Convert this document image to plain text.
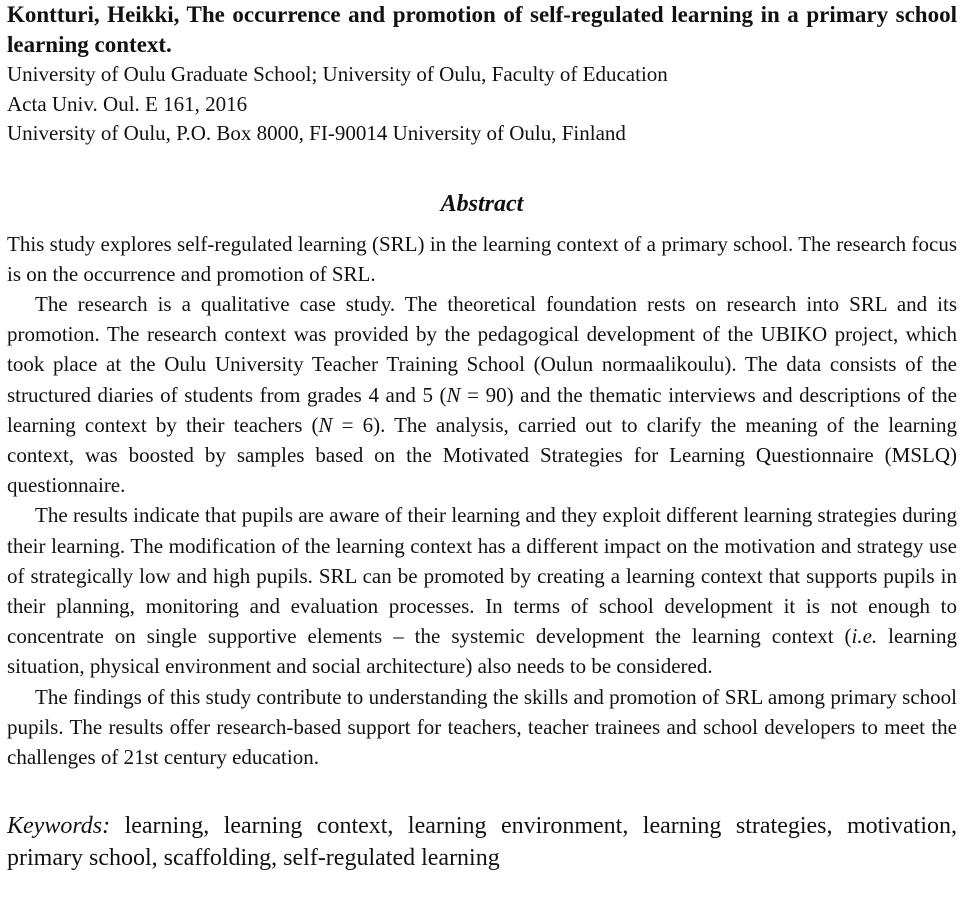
Kontturi, Heikki, The occurrence and promotion of self-regulated learning in a primary school learning context.

University of Oulu Graduate School; University of Oulu, Faculty of Education

Acta Univ. Oul. E 161, 2016

University of Oulu, P.O. Box 8000, FI-90014 University of Oulu, Finland

Abstract

This study explores self-regulated learning (SRL) in the learning context of a primary school. The research focus is on the occurrence and promotion of SRL.

The research is a qualitative case study. The theoretical foundation rests on research into SRL and its promotion. The research context was provided by the pedagogical development of the UBIKO project, which took place at the Oulu University Teacher Training School (Oulun normaalikoulu). The data consists of the structured diaries of students from grades 4 and 5 (N = 90) and the thematic interviews and descriptions of the learning context by their teachers (N = 6). The analysis, carried out to clarify the meaning of the learning context, was boosted by samples based on the Motivated Strategies for Learning Questionnaire (MSLQ) questionnaire.

The results indicate that pupils are aware of their learning and they exploit different learning strategies during their learning. The modification of the learning context has a different impact on the motivation and strategy use of strategically low and high pupils. SRL can be promoted by creating a learning context that supports pupils in their planning, monitoring and evaluation processes. In terms of school development it is not enough to concentrate on single supportive elements – the systemic development the learning context (i.e. learning situation, physical environment and social architecture) also needs to be considered.

The findings of this study contribute to understanding the skills and promotion of SRL among primary school pupils. The results offer research-based support for teachers, teacher trainees and school developers to meet the challenges of 21st century education.

Keywords: learning, learning context, learning environment, learning strategies, motivation, primary school, scaffolding, self-regulated learning
